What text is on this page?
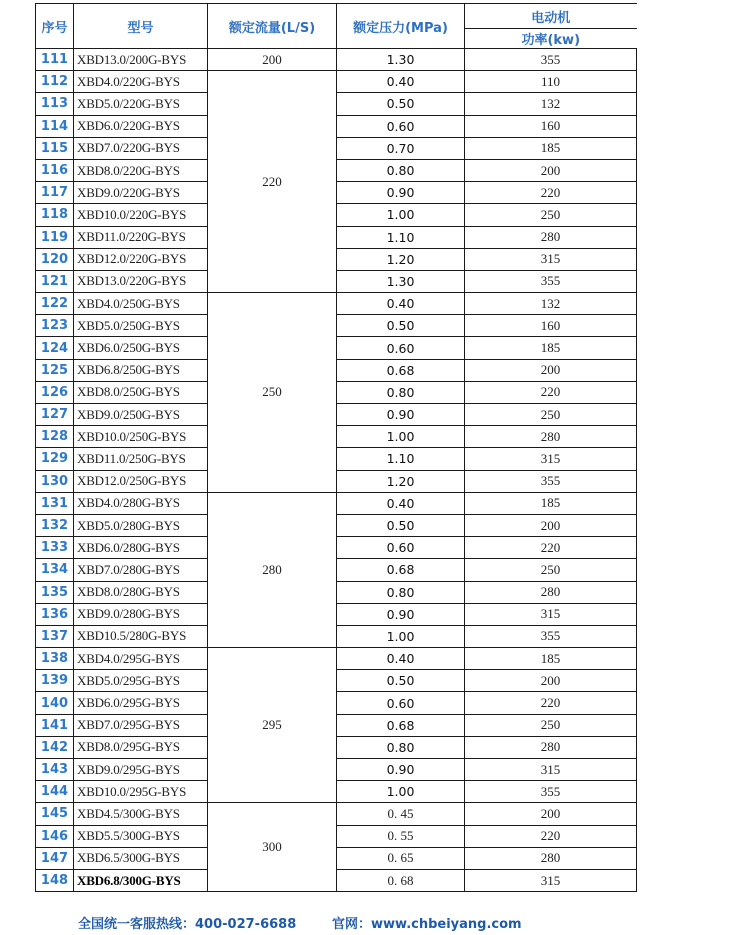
序号	型号	额定流量(L/S)	额定压力(MPa)	电动机
				功率(kw)
111	XBD13.0/200G-BYS	200	1.30	355
112	XBD4.0/220G-BYS	220	0.40	110
113	XBD5.0/220G-BYS		0.50	132
114	XBD6.0/220G-BYS		0.60	160
115	XBD7.0/220G-BYS		0.70	185
116	XBD8.0/220G-BYS		0.80	200
117	XBD9.0/220G-BYS		0.90	220
118	XBD10.0/220G-BYS		1.00	250
119	XBD11.0/220G-BYS		1.10	280
120	XBD12.0/220G-BYS		1.20	315
121	XBD13.0/220G-BYS		1.30	355
122	XBD4.0/250G-BYS	250	0.40	132
123	XBD5.0/250G-BYS		0.50	160
124	XBD6.0/250G-BYS		0.60	185
125	XBD6.8/250G-BYS		0.68	200
126	XBD8.0/250G-BYS		0.80	220
127	XBD9.0/250G-BYS		0.90	250
128	XBD10.0/250G-BYS		1.00	280
129	XBD11.0/250G-BYS		1.10	315
130	XBD12.0/250G-BYS		1.20	355
131	XBD4.0/280G-BYS	280	0.40	185
132	XBD5.0/280G-BYS		0.50	200
133	XBD6.0/280G-BYS		0.60	220
134	XBD7.0/280G-BYS		0.68	250
135	XBD8.0/280G-BYS		0.80	280
136	XBD9.0/280G-BYS		0.90	315
137	XBD10.5/280G-BYS		1.00	355
138	XBD4.0/295G-BYS	295	0.40	185
139	XBD5.0/295G-BYS		0.50	200
140	XBD6.0/295G-BYS		0.60	220
141	XBD7.0/295G-BYS		0.68	250
142	XBD8.0/295G-BYS		0.80	280
143	XBD9.0/295G-BYS		0.90	315
144	XBD10.0/295G-BYS		1.00	355
145	XBD4.5/300G-BYS	300	0. 45	200
146	XBD5.5/300G-BYS		0. 55	220
147	XBD6.5/300G-BYS		0. 65	280
148	XBD6.8/300G-BYS		0. 68	315
全国统一客服热线：400-027-6688	官网：www.chbeiyang.com
